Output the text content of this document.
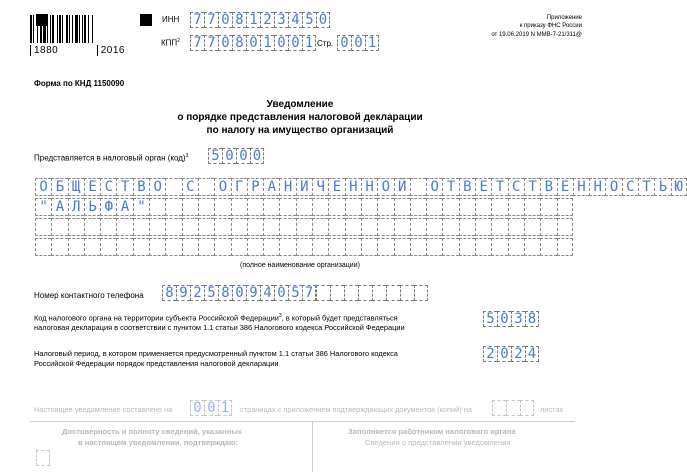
1880	2016
ИНН 7 7 0 8 1 2 3 4 5 0
КПП$^2$ 7 7 0 8 0 1 0 0 1 Стр. 0 0 1
Приложение
к приказу ФНС России
от 19.06.2019 N ММВ-7-21/311@
Форма по КНД 1150090
Уведомление
о порядке представления налоговой декларации
по налогу на имущество организаций
Представляется в налоговый орган (код)$^3$ 5 0 0 0
О Б Щ Е С Т В О	С	О Г Р А Н И Ч Е Н Н О Й	О Т В Е Т С Т В Е Н Н О С Т Ь Ю
" А Л Ь Ф А "
(полное наименование организации)
Номер контактного телефона 8 9 2 5 8 0 9 4 0 5 7
Код налогового органа на территории субъекта Российской Федерации$^3$, в который будет представляться
налоговая декларация в соответствии с пунктом 1.1 статьи 386 Налогового кодекса Российской Федерации
5 0 3 8
Налоговый период, в котором применяется предусмотренный пунктом 1.1 статьи 386 Налогового кодекса
Российской Федерации порядок представления налоговой декларации
2 0 2 4
Настоящее уведомление составлено на 0 0 1	страницах с приложением подтверждающих документов (копий) на	листах
Достоверность и полноту сведений, указанных
в настоящем уведомлении, подтверждаю:
Заполняется работником налогового органа
Сведения о представлении уведомления
